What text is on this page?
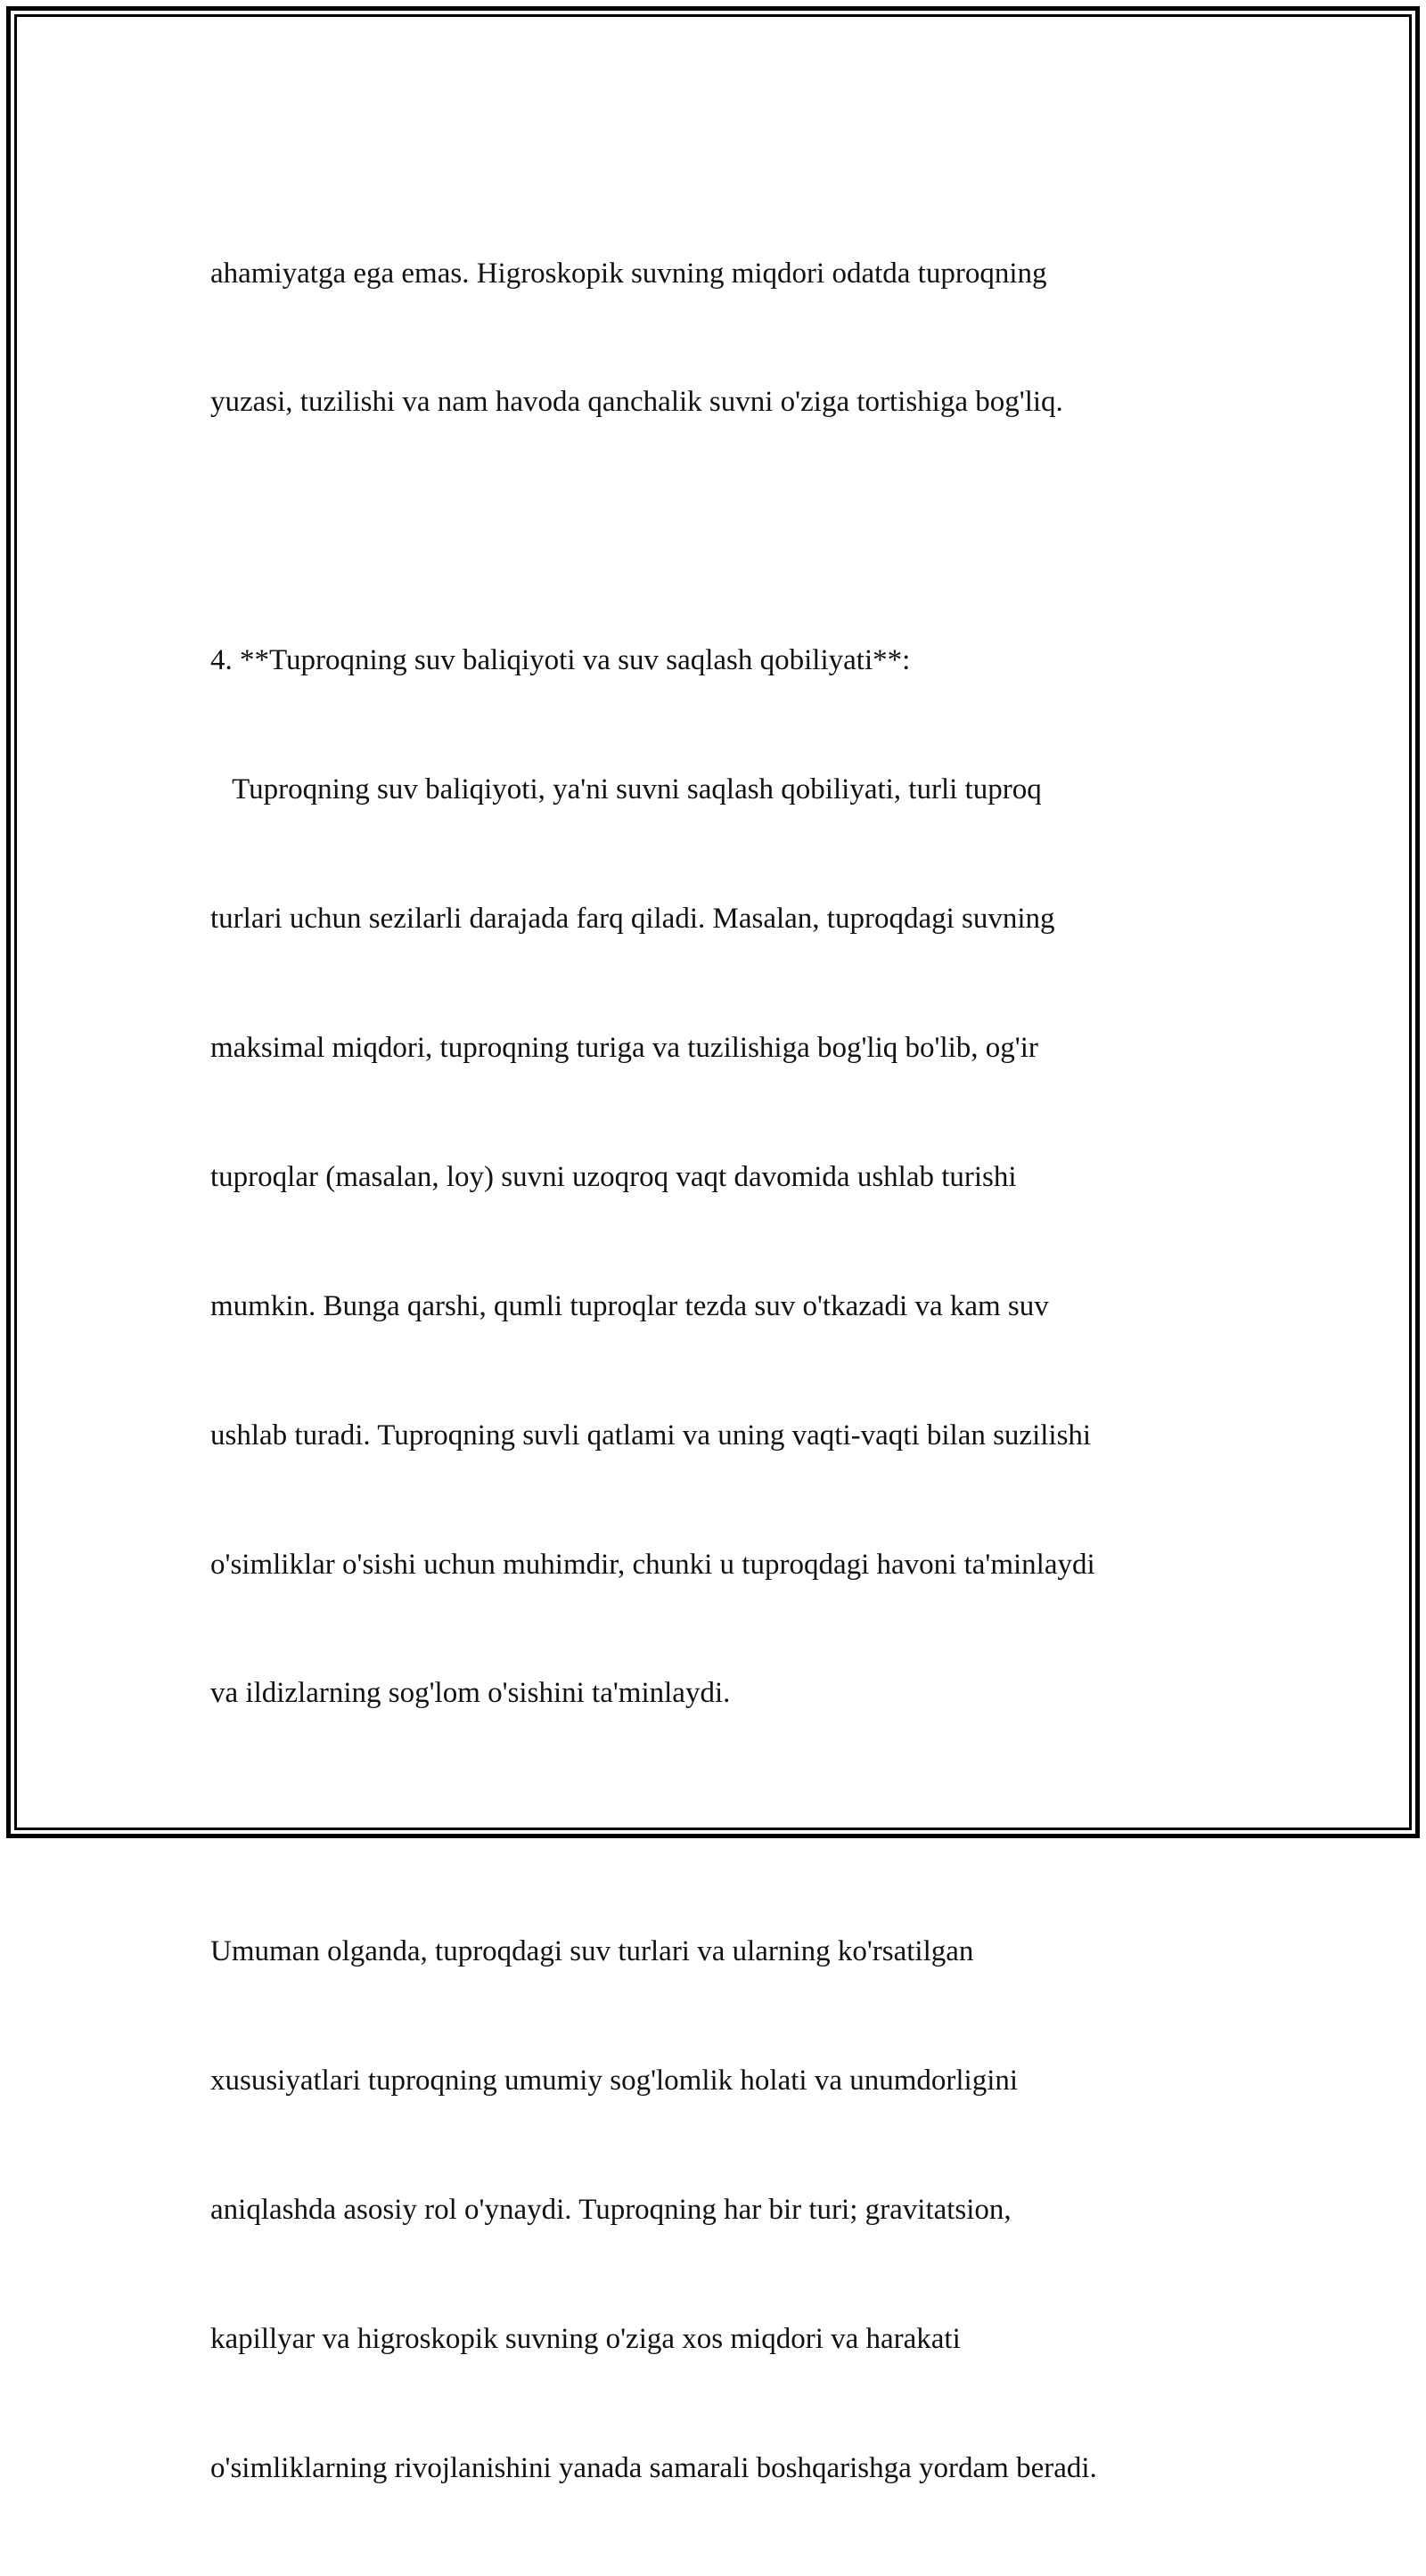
ahamiyatga ega emas. Higroskopik suvning miqdori odatda tuproqning

yuzasi, tuzilishi va nam havoda qanchalik suvni o'ziga tortishiga bog'liq.

4. **Tuproqning suv baliqiyoti va suv saqlash qobiliyati**:

Tuproqning suv baliqiyoti, ya'ni suvni saqlash qobiliyati, turli tuproq

turlari uchun sezilarli darajada farq qiladi. Masalan, tuproqdagi suvning

maksimal miqdori, tuproqning turiga va tuzilishiga bog'liq bo'lib, og'ir

tuproqlar (masalan, loy) suvni uzoqroq vaqt davomida ushlab turishi

mumkin. Bunga qarshi, qumli tuproqlar tezda suv o'tkazadi va kam suv

ushlab turadi. Tuproqning suvli qatlami va uning vaqti-vaqti bilan suzilishi

o'simliklar o'sishi uchun muhimdir, chunki u tuproqdagi havoni ta'minlaydi

va ildizlarning sog'lom o'sishini ta'minlaydi.

Umuman olganda, tuproqdagi suv turlari va ularning ko'rsatilgan

xususiyatlari tuproqning umumiy sog'lomlik holati va unumdorligini

aniqlashda asosiy rol o'ynaydi. Tuproqning har bir turi; gravitatsion,

kapillyar va higroskopik suvning o'ziga xos miqdori va harakati

o'simliklarning rivojlanishini yanada samarali boshqarishga yordam beradi.
